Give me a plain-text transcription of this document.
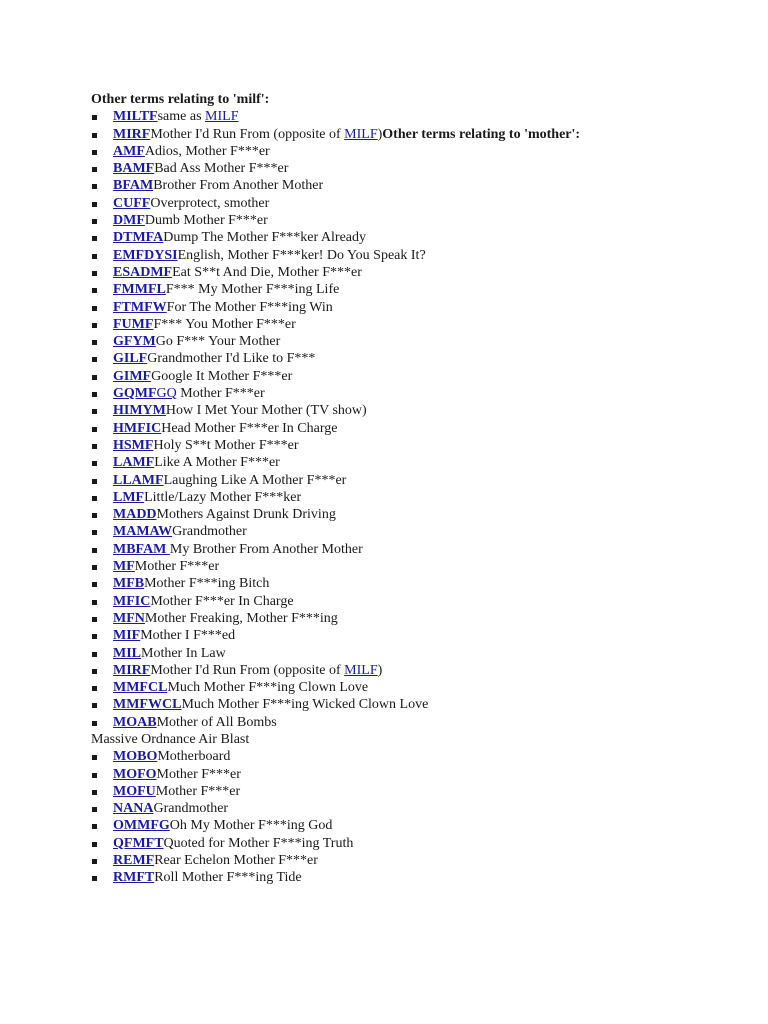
Other terms relating to 'milf':
MILTFsame as MILF
MIRFMother I'd Run From (opposite of MILF)Other terms relating to 'mother':
AMFAdios, Mother F***er
BAMFBad Ass Mother F***er
BFAMBrother From Another Mother
CUFFOverprotect, smother
DMFDumb Mother F***er
DTMFADump The Mother F***ker Already
EMFDYSIEnglish, Mother F***ker! Do You Speak It?
ESADMFEat S**t And Die, Mother F***er
FMMFLF*** My Mother F***ing Life
FTMFWFor The Mother F***ing Win
FUMFF*** You Mother F***er
GFYMGo F*** Your Mother
GILFGrandmother I'd Like to F***
GIMFGoogle It Mother F***er
GQMFGQ Mother F***er
HIMYMHow I Met Your Mother (TV show)
HMFICHead Mother F***er In Charge
HSMFHoly S**t Mother F***er
LAMFLike A Mother F***er
LLAMFLaughing Like A Mother F***er
LMFLittle/Lazy Mother F***ker
MADDMothers Against Drunk Driving
MAMAWGrandmother
MBFAM My Brother From Another Mother
MFMother F***er
MFBMother F***ing Bitch
MFICMother F***er In Charge
MFNMother Freaking, Mother F***ing
MIFMother I F***ed
MILMother In Law
MIRFMother I'd Run From (opposite of MILF)
MMFCLMuch Mother F***ing Clown Love
MMFWCLMuch Mother F***ing Wicked Clown Love
MOABMother of All Bombs
Massive Ordnance Air Blast
MOBOMotherboard
MOFOMother F***er
MOFUMother F***er
NANAGrandmother
OMMFGOh My Mother F***ing God
QFMFTQuoted for Mother F***ing Truth
REMFRear Echelon Mother F***er
RMFTRoll Mother F***ing Tide
